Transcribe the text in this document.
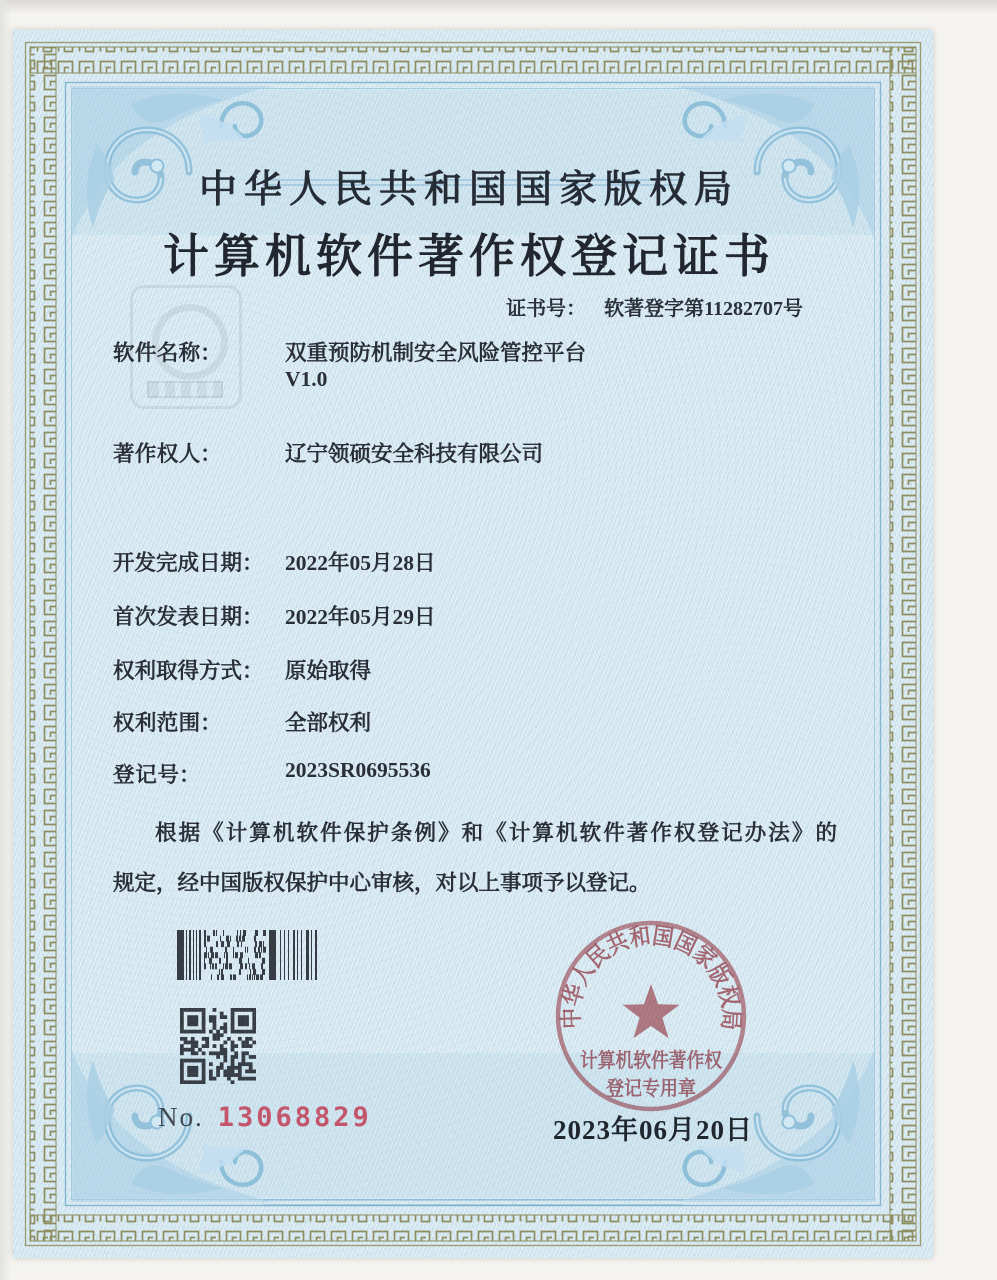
中华人民共和国国家版权局
计算机软件著作权登记证书
证书号： 软著登字第11282707号
软 件 名 称：	双重预防机制安全风险管控平台
V1.0
著 作 权 人：	辽宁领硕安全科技有限公司
开发完成日期： 2022年05月28日
首次发表日期： 2022年05月29日
权利取得方式： 原始取得
权 利 范 围：	全部权利
登  记  号：	2023SR0695536
根据《计算机软件保护条例》和《计算机软件著作权登记办法》的
规定，经中国版权保护中心审核，对以上事项予以登记。
No. 13068829	2023年06月20日
中华人民共和国国家版权局
计算机软件著作权
登记专用章
